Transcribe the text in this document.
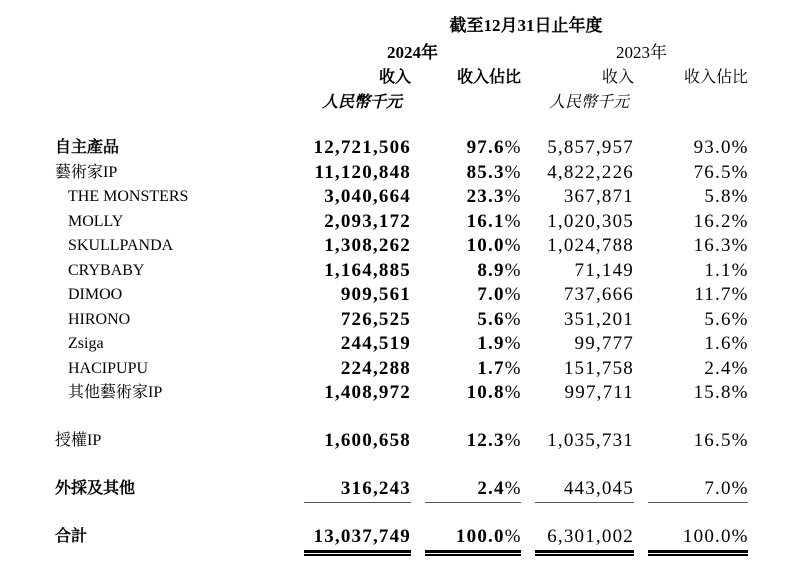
截至12月31日止年度
2024年	2023年
收入	收入佔比	收入	收入佔比
人民幣千元	人民幣千元
自主產品	12,721,506	97.6%	5,857,957	93.0%
藝術家IP	11,120,848	85.3%	4,822,226	76.5%
THE MONSTERS	3,040,664	23.3%	367,871	5.8%
MOLLY	2,093,172	16.1%	1,020,305	16.2%
SKULLPANDA	1,308,262	10.0%	1,024,788	16.3%
CRYBABY	1,164,885	8.9%	71,149	1.1%
DIMOO	909,561	7.0%	737,666	11.7%
HIRONO	726,525	5.6%	351,201	5.6%
Zsiga	244,519	1.9%	99,777	1.6%
HACIPUPU	224,288	1.7%	151,758	2.4%
其他藝術家IP	1,408,972	10.8%	997,711	15.8%
授權IP	1,600,658	12.3%	1,035,731	16.5%
外採及其他	316,243	2.4%	443,045	7.0%
合計	13,037,749	100.0%	6,301,002	100.0%
